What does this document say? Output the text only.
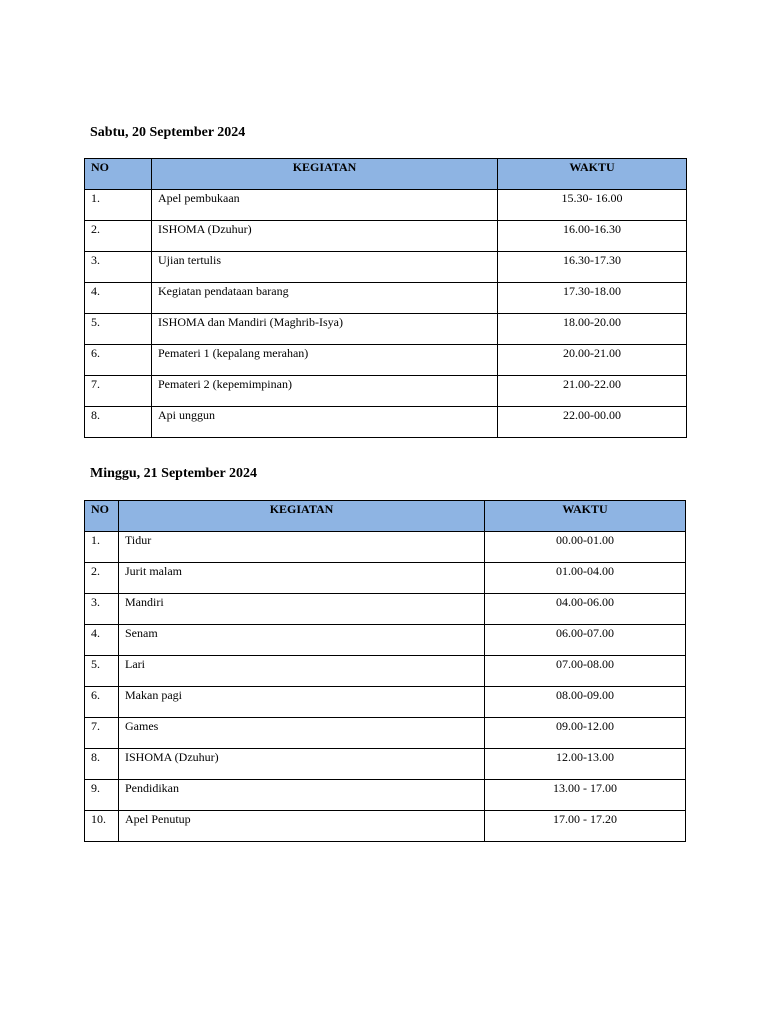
Sabtu, 20 September 2024
NO	KEGIATAN	WAKTU
1.	Apel pembukaan	15.30- 16.00
2.	ISHOMA (Dzuhur)	16.00-16.30
3.	Ujian tertulis	16.30-17.30
4.	Kegiatan pendataan barang	17.30-18.00
5.	ISHOMA dan Mandiri (Maghrib-Isya)	18.00-20.00
6.	Pemateri 1 (kepalang merahan)	20.00-21.00
7.	Pemateri 2 (kepemimpinan)	21.00-22.00
8.	Api unggun	22.00-00.00
Minggu, 21 September 2024
NO	KEGIATAN	WAKTU
1.	Tidur	00.00-01.00
2.	Jurit malam	01.00-04.00
3.	Mandiri	04.00-06.00
4.	Senam	06.00-07.00
5.	Lari	07.00-08.00
6.	Makan pagi	08.00-09.00
7.	Games	09.00-12.00
8.	ISHOMA (Dzuhur)	12.00-13.00
9.	Pendidikan	13.00 - 17.00
10.	Apel Penutup	17.00 - 17.20
